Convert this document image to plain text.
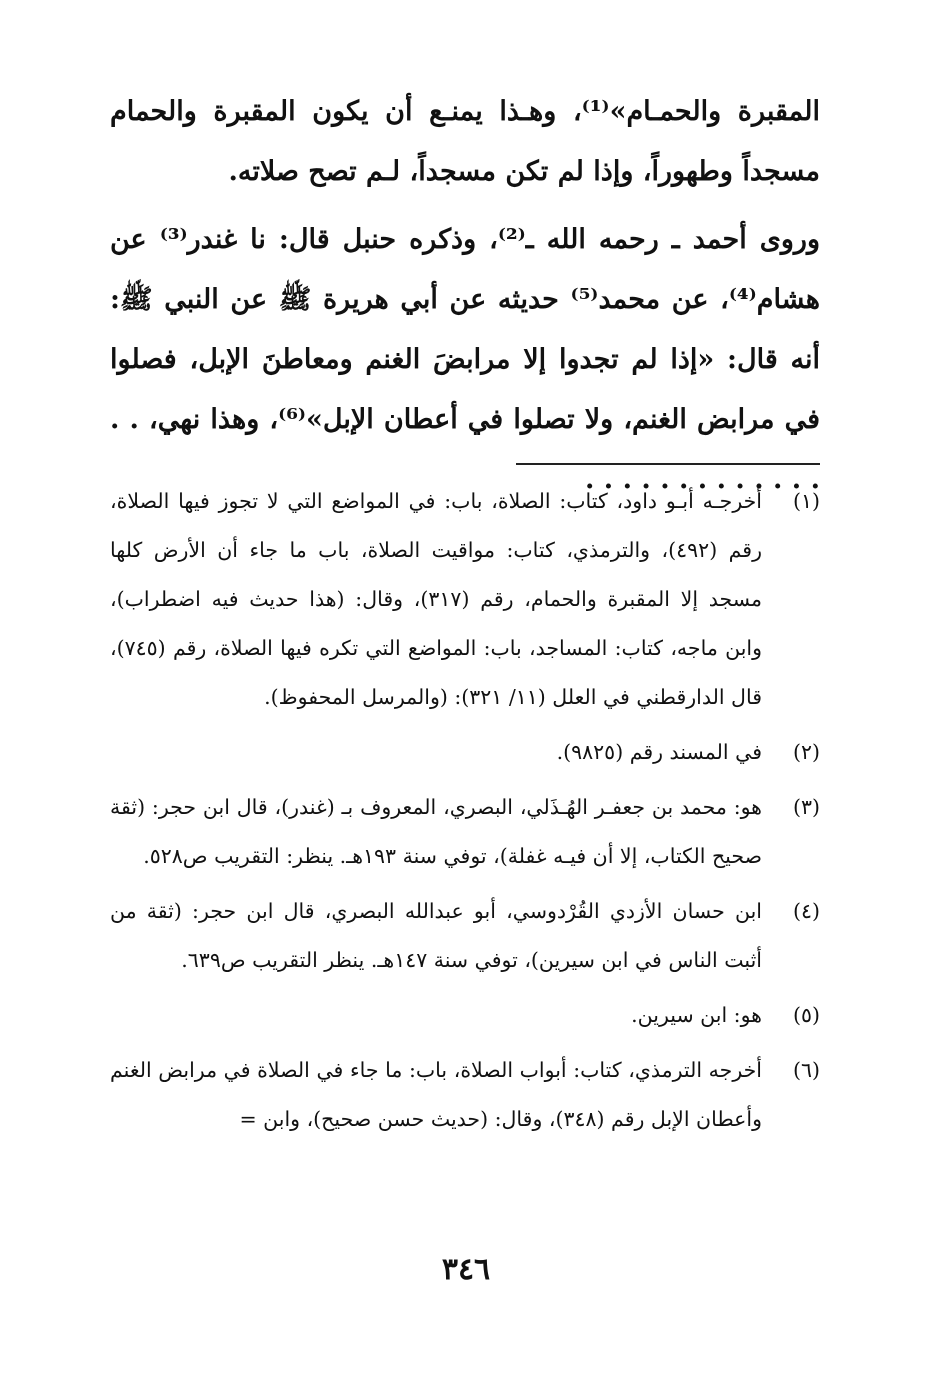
المقبرة والحمـام»⁽¹⁾، وهـذا يمنـع أن يكون المقبرة والحمام مسجداً وطهوراً، وإذا لم تكن مسجداً، لـم تصح صلاته.

وروى أحمد ـ رحمه الله ـ⁽²⁾، وذكره حنبل قال: نا غندر⁽³⁾ عن هشام⁽⁴⁾، عن محمد⁽⁵⁾ حديثه عن أبي هريرة ﷺ عن النبي ﷺ: أنه قال: «إذا لم تجدوا إلا مرابضَ الغنم ومعاطنَ الإبل، فصلوا في مرابض الغنم، ولا تصلوا في أعطان الإبل»⁽⁶⁾، وهذا نهي، . . . . . . . . . . . . . . .

(١)
أخرجـه أبـو داود، كتاب: الصلاة، باب: في المواضع التي لا تجوز فيها الصلاة، رقم (٤٩٢)، والترمذي، كتاب: مواقيت الصلاة، باب ما جاء أن الأرض كلها مسجد إلا المقبرة والحمام، رقم (٣١٧)، وقال: (هذا حديث فيه اضطراب)، وابن ماجه، كتاب: المساجد، باب: المواضع التي تكره فيها الصلاة، رقم (٧٤٥)، قال الدارقطني في العلل (١١/ ٣٢١): (والمرسل المحفوظ).
(٢)
في المسند رقم (٩٨٢٥).
(٣)
هو: محمد بن جعفـر الهُـذَلي، البصري، المعروف بـ (غندر)، قال ابن حجر: (ثقة صحيح الكتاب، إلا أن فيـه غفلة)، توفي سنة ١٩٣هـ. ينظر: التقريب ص٥٢٨.
(٤)
ابن حسان الأزدي القُرْدوسي، أبو عبدالله البصري، قال ابن حجر: (ثقة من أثبت الناس في ابن سيرين)، توفي سنة ١٤٧هـ. ينظر التقريب ص٦٣٩.
(٥)
هو: ابن سيرين.
(٦)
أخرجه الترمذي، كتاب: أبواب الصلاة، باب: ما جاء في الصلاة في مرابض الغنم وأعطان الإبل رقم (٣٤٨)، وقال: (حديث حسن صحيح)، وابن =
٣٤٦
